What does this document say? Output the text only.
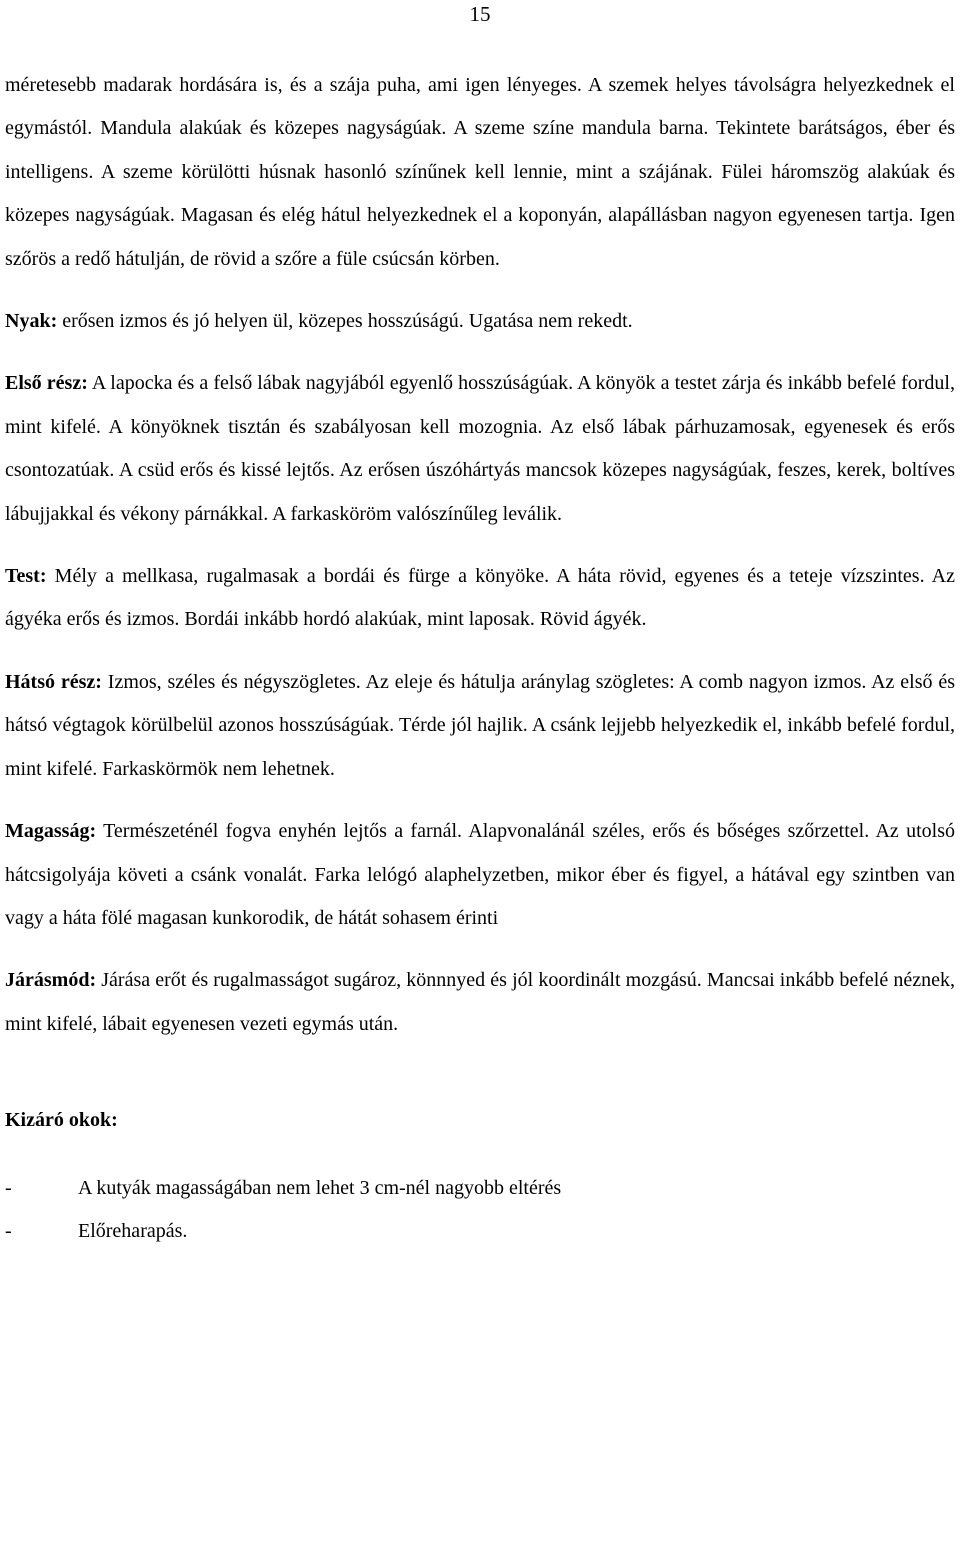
15

méretesebb madarak hordására is, és a szája puha, ami igen lényeges. A szemek helyes távolságra helyezkednek el egymástól. Mandula alakúak és közepes nagyságúak. A szeme színe mandula barna. Tekintete barátságos, éber és intelligens. A szeme körülötti húsnak hasonló színűnek kell lennie, mint a szájának. Fülei háromszög alakúak és közepes nagyságúak. Magasan és elég hátul helyezkednek el a koponyán, alapállásban nagyon egyenesen tartja. Igen szőrös a redő hátulján, de rövid a szőre a füle csúcsán körben.

Nyak: erősen izmos és jó helyen ül, közepes hosszúságú. Ugatása nem rekedt.

Első rész: A lapocka és a felső lábak nagyjából egyenlő hosszúságúak. A könyök a testet zárja és inkább befelé fordul, mint kifelé. A könyöknek tisztán és szabályosan kell mozognia. Az első lábak párhuzamosak, egyenesek és erős csontozatúak. A csüd erős és kissé lejtős. Az erősen úszóhártyás mancsok közepes nagyságúak, feszes, kerek, boltíves lábujjakkal és vékony párnákkal. A farkasköröm valószínűleg leválik.

Test: Mély a mellkasa, rugalmasak a bordái és fürge a könyöke. A háta rövid, egyenes és a teteje vízszintes. Az ágyéka erős és izmos. Bordái inkább hordó alakúak, mint laposak. Rövid ágyék.

Hátsó rész: Izmos, széles és négyszögletes. Az eleje és hátulja aránylag szögletes: A comb nagyon izmos. Az első és hátsó végtagok körülbelül azonos hosszúságúak. Térde jól hajlik. A csánk lejjebb helyezkedik el, inkább befelé fordul, mint kifelé. Farkaskörmök nem lehetnek.

Magasság: Természeténél fogva enyhén lejtős a farnál. Alapvonalánál széles, erős és bőséges szőrzettel. Az utolsó hátcsigolyája követi a csánk vonalát. Farka lelógó alaphelyzetben, mikor éber és figyel, a hátával egy szintben van vagy a háta fölé magasan kunkorodik, de hátát sohasem érinti

Járásmód: Járása erőt és rugalmasságot sugároz, könnnyed és jól koordinált mozgású. Mancsai inkább befelé néznek, mint kifelé, lábait egyenesen vezeti egymás után.

Kizáró okok:

-	A kutyák magasságában nem lehet 3 cm-nél nagyobb eltérés
-	Előreharapás.
